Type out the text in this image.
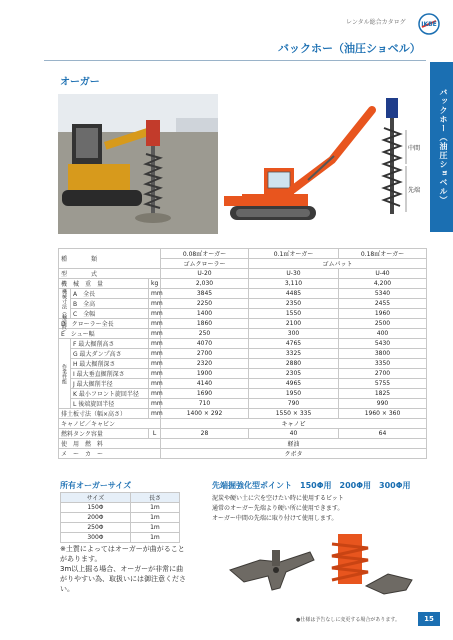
レンタル総合カタログ	IKBE
バックホー（油圧ショベル）
バックホー（油圧ショベル）
オーガー
中間
先端
種　　　　類			0.08㎥オーガー	0.1㎥オーガー	0.18㎥オーガー
			ゴムクローラー	ゴムパット	
型　　　　式			U-20	U-30	U-40
機　械　重　量		kg	2,030	3,110	4,200
機械寸法（輸送時）	A　全長	mm	3845	4485	5340
	B　全高	mm	2250	2350	2455
	C　全幅	mm	1400	1550	1960
D　クローラー全長		mm	1860	2100	2500
E　シュー幅		mm	250	300	400
作業性能	F 最大掘削高さ	mm	4070	4765	5430
	G 最大ダンプ高さ	mm	2700	3325	3800
	H 最大掘削深さ	mm	2320	2880	3350
	I 最大垂直掘削深さ	mm	1900	2305	2700
	J 最大掘削半径	mm	4140	4965	5755
	K 最小フロント旋回半径	mm	1690	1950	1825
	L 後端旋回半径	mm	710	790	990
排土板寸法（幅×高さ）		mm	1400 × 292	1550 × 335	1960 × 360
キャノピ／キャビン			キャノピ		
燃料タンク容量		L	28	40	64
使　用　燃　料			軽油		
メ　ー　カ　ー			クボタ		
所有オーガーサイズ
サイズ	長さ
150Φ	1m
200Φ	1m
250Φ	1m
300Φ	1m
※土質によってはオーガーが曲がることがあります。
3m以上掘る場合、オーガーが非常に曲がりやすい為、取扱いには御注意ください。
先端掘強化型ポイント　150Φ用　200Φ用　300Φ用
泥炭や硬い土に穴を空けたい時に使用するビット
通常のオーガー先端より硬い所に使用できます。
オーガー中間の先端に取り付けて使用します。
●仕様は予告なしに変更する場合があります。	15
